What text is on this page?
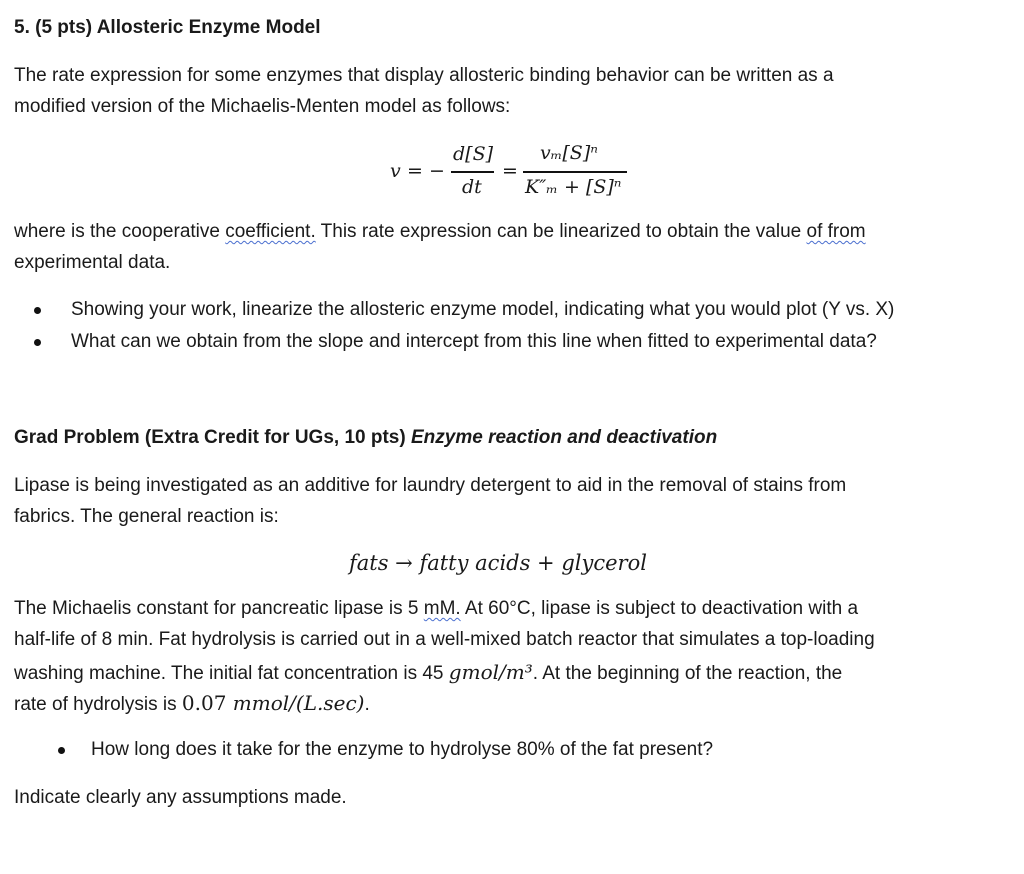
5. (5 pts) Allosteric Enzyme Model
The rate expression for some enzymes that display allosteric binding behavior can be written as a
modified version of the Michaelis-Menten model as follows:
v = −
d[S]
dt
=
vₘ[S]ⁿ
K″ₘ + [S]ⁿ
where is the cooperative coefficient. This rate expression can be linearized to obtain the value of from
experimental data.
Showing your work, linearize the allosteric enzyme model, indicating what you would plot (Y vs. X)
What can we obtain from the slope and intercept from this line when fitted to experimental data?
Grad Problem (Extra Credit for UGs, 10 pts) Enzyme reaction and deactivation
Lipase is being investigated as an additive for laundry detergent to aid in the removal of stains from
fabrics. The general reaction is:
fats → fatty acids + glycerol
The Michaelis constant for pancreatic lipase is 5 mM. At 60°C, lipase is subject to deactivation with a
half-life of 8 min. Fat hydrolysis is carried out in a well-mixed batch reactor that simulates a top-loading
washing machine. The initial fat concentration is 45 gmol/m³. At the beginning of the reaction, the
rate of hydrolysis is 0.07 mmol/(L.sec).
How long does it take for the enzyme to hydrolyse 80% of the fat present?
Indicate clearly any assumptions made.
